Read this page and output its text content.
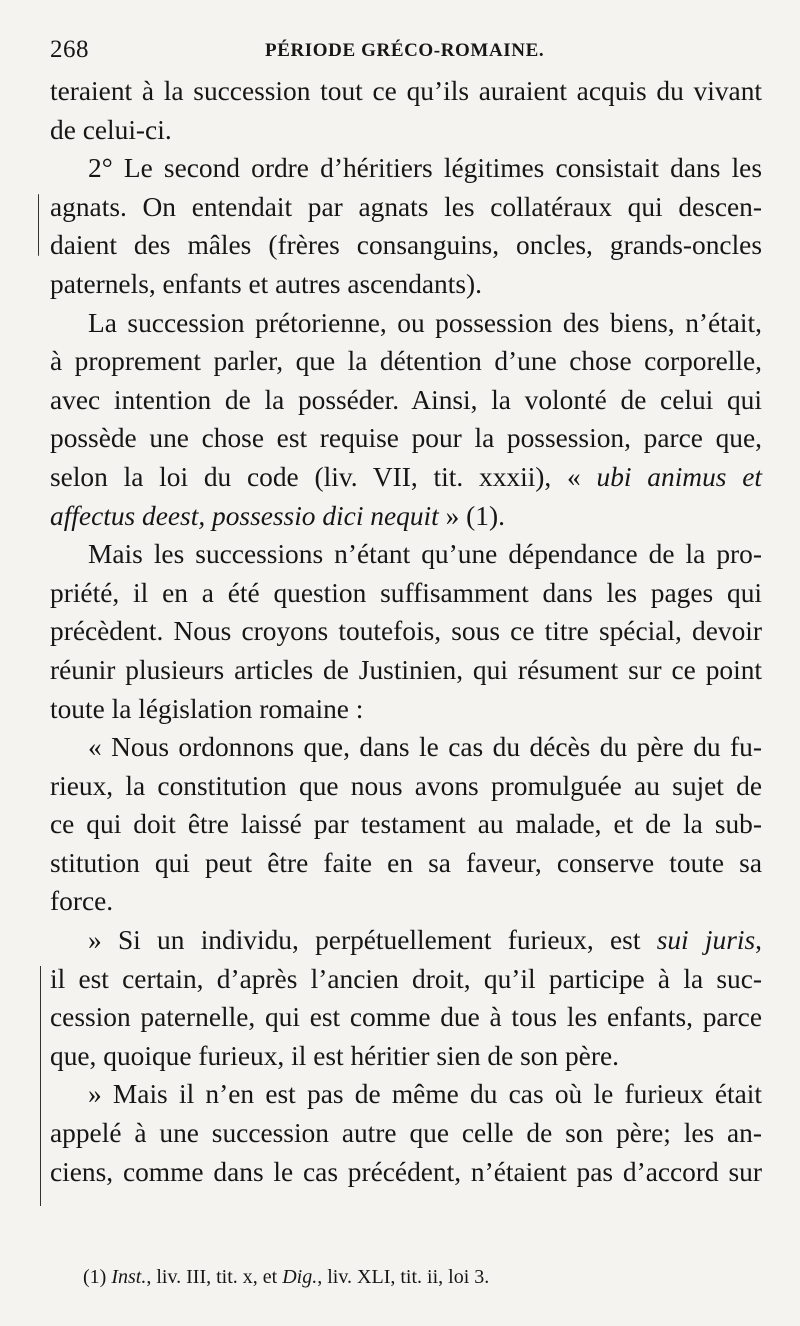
268	PÉRIODE GRÉCO-ROMAINE.
teraient à la succession tout ce qu’ils auraient acquis du vivant
de celui-ci.
2° Le second ordre d’héritiers légitimes consistait dans les
agnats. On entendait par agnats les collatéraux qui descen-
daient des mâles (frères consanguins, oncles, grands-oncles
paternels, enfants et autres ascendants).
La succession prétorienne, ou possession des biens, n’était,
à proprement parler, que la détention d’une chose corporelle,
avec intention de la posséder. Ainsi, la volonté de celui qui
possède une chose est requise pour la possession, parce que,
selon la loi du code (liv. VII, tit. xxxii), « ubi animus et
affectus deest, possessio dici nequit » (1).
Mais les successions n’étant qu’une dépendance de la pro-
priété, il en a été question suffisamment dans les pages qui
précèdent. Nous croyons toutefois, sous ce titre spécial, devoir
réunir plusieurs articles de Justinien, qui résument sur ce point
toute la législation romaine :
« Nous ordonnons que, dans le cas du décès du père du fu-
rieux, la constitution que nous avons promulguée au sujet de
ce qui doit être laissé par testament au malade, et de la sub-
stitution qui peut être faite en sa faveur, conserve toute sa
force.
» Si un individu, perpétuellement furieux, est sui juris,
il est certain, d’après l’ancien droit, qu’il participe à la suc-
cession paternelle, qui est comme due à tous les enfants, parce
que, quoique furieux, il est héritier sien de son père.
» Mais il n’en est pas de même du cas où le furieux était
appelé à une succession autre que celle de son père; les an-
ciens, comme dans le cas précédent, n’étaient pas d’accord sur
(1) Inst., liv. III, tit. x, et Dig., liv. XLI, tit. ii, loi 3.
